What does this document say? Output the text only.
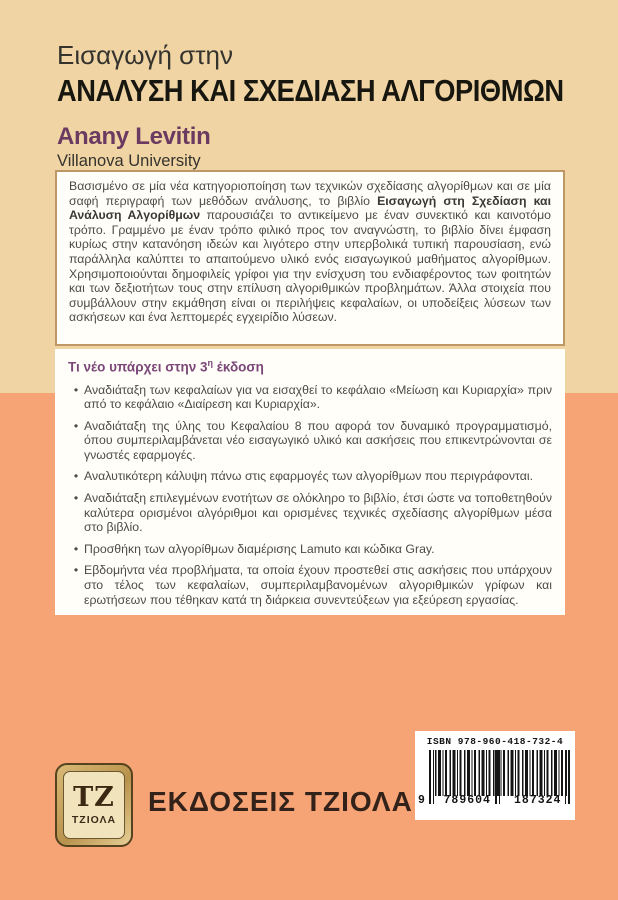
Εισαγωγή στην

ΑΝΑΛΥΣΗ ΚΑΙ ΣΧΕΔΙΑΣΗ ΑΛΓΟΡΙΘΜΩΝ

Anany Levitin

Villanova University

Βασισμένο σε μία νέα κατηγοριοποίηση των τεχνικών σχεδίασης αλγορίθμων και σε μία σαφή περιγραφή των μεθόδων ανάλυσης, το βιβλίο Εισαγωγή στη Σχεδίαση και Ανάλυση Αλγορίθμων παρουσιάζει το αντικείμενο με έναν συνεκτικό και καινοτόμο τρόπο. Γραμμένο με έναν τρόπο φιλικό προς τον αναγνώστη, το βιβλίο δίνει έμφαση κυρίως στην κατανόηση ιδεών και λιγότερο στην υπερβολικά τυπική παρουσίαση, ενώ παράλληλα καλύπτει το απαιτούμενο υλικό ενός εισαγωγικού μαθήματος αλγορίθμων. Χρησιμοποιούνται δημοφιλείς γρίφοι για την ενίσχυση του ενδιαφέροντος των φοιτητών και των δεξιοτήτων τους στην επίλυση αλγοριθμικών προβλημάτων. Άλλα στοιχεία που συμβάλλουν στην εκμάθηση είναι οι περιλήψεις κεφαλαίων, οι υποδείξεις λύσεων των ασκήσεων και ένα λεπτομερές εγχειρίδιο λύσεων.

Τι νέο υπάρχει στην $3^\eta$ έκδοση
• Αναδιάταξη των κεφαλαίων για να εισαχθεί το κεφάλαιο «Μείωση και Κυριαρχία» πριν από το κεφάλαιο «Διαίρεση και Κυριαρχία».
• Αναδιάταξη της ύλης του Κεφαλαίου 8 που αφορά τον δυναμικό προγραμματισμό, όπου συμπεριλαμβάνεται νέο εισαγωγικό υλικό και ασκήσεις που επικεντρώνονται σε γνωστές εφαρμογές.
• Αναλυτικότερη κάλυψη πάνω στις εφαρμογές των αλγορίθμων που περιγράφονται.
• Αναδιάταξη επιλεγμένων ενοτήτων σε ολόκληρο το βιβλίο, έτσι ώστε να τοποθετηθούν καλύτερα ορισμένοι αλγόριθμοι και ορισμένες τεχνικές σχεδίασης αλγορίθμων μέσα στο βιβλίο.
• Προσθήκη των αλγορίθμων διαμέρισης Lamuto και κώδικα Gray.
• Εβδομήντα νέα προβλήματα, τα οποία έχουν προστεθεί στις ασκήσεις που υπάρχουν στο τέλος των κεφαλαίων, συμπεριλαμβανομένων αλγοριθμικών γρίφων και ερωτήσεων που τέθηκαν κατά τη διάρκεια συνεντεύξεων για εξεύρεση εργασίας.
ΤΖ
ΤΖΙΟΛΑ
ΕΚΔΟΣΕΙΣ ΤΖΙΟΛΑ
ISBN 978-960-418-732-4
9	789604	187324
